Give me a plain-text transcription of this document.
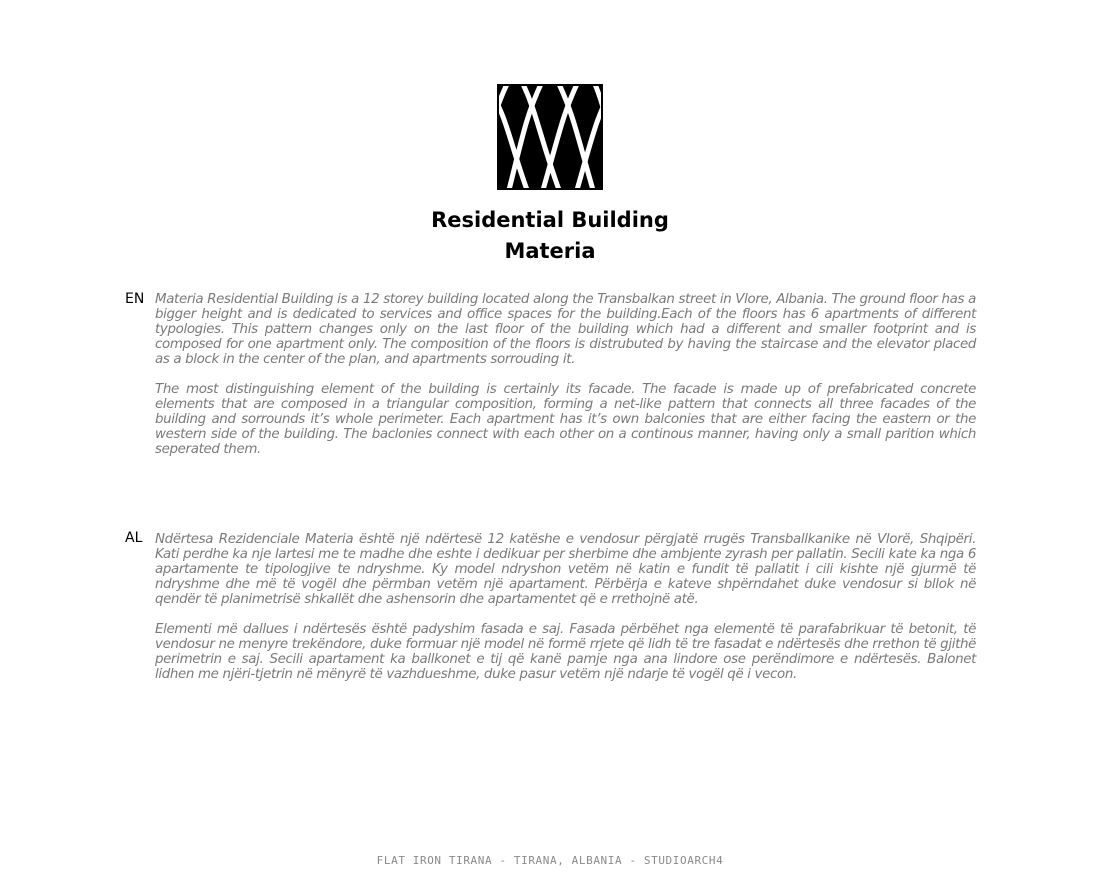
Residential Building
Materia
EN Materia Residential Building is a 12 storey building located along the Transbalkan street in Vlore, Albania. The ground floor has a bigger height and is dedicated to services and office spaces for the building.Each of the floors has 6 apartments of different typologies. This pattern changes only on the last floor of the building which had a different and smaller footprint and is composed for one apartment only. The composition of the floors is distrubuted by having the staircase and the elevator placed as a block in the center of the plan, and apartments sorrouding it.

The most distinguishing element of the building is certainly its facade. The facade is made up of prefabricated concrete elements that are composed in a triangular composition, forming a net-like pattern that connects all three facades of the building and sorrounds it’s whole perimeter. Each apartment has it’s own balconies that are either facing the eastern or the western side of the building. The baclonies connect with each other on a continous manner, having only a small parition which seperated them.

AL Ndërtesa Rezidenciale Materia është një ndërtesë 12 katëshe e vendosur përgjatë rrugës Transballkanike në Vlorë, Shqipëri. Kati perdhe ka nje lartesi me te madhe dhe eshte i dedikuar per sherbime dhe ambjente zyrash per pallatin. Secili kate ka nga 6 apartamente te tipologjive te ndryshme. Ky model ndryshon vetëm në katin e fundit të pallatit i cili kishte një gjurmë të ndryshme dhe më të vogël dhe përmban vetëm një apartament. Përbërja e kateve shpërndahet duke vendosur si bllok në qendër të planimetrisë shkallët dhe ashensorin dhe apartamentet që e rrethojnë atë.

Elementi më dallues i ndërtesës është padyshim fasada e saj. Fasada përbëhet nga elementë të parafabrikuar të betonit, të vendosur ne menyre trekëndore, duke formuar një model në formë rrjete që lidh të tre fasadat e ndërtesës dhe rrethon të gjithë perimetrin e saj. Secili apartament ka ballkonet e tij që kanë pamje nga ana lindore ose perëndimore e ndërtesës. Balonet lidhen me njëri-tjetrin në mënyrë të vazhdueshme, duke pasur vetëm një ndarje të vogël që i vecon.

FLAT IRON TIRANA - TIRANA, ALBANIA - STUDIOARCH4
